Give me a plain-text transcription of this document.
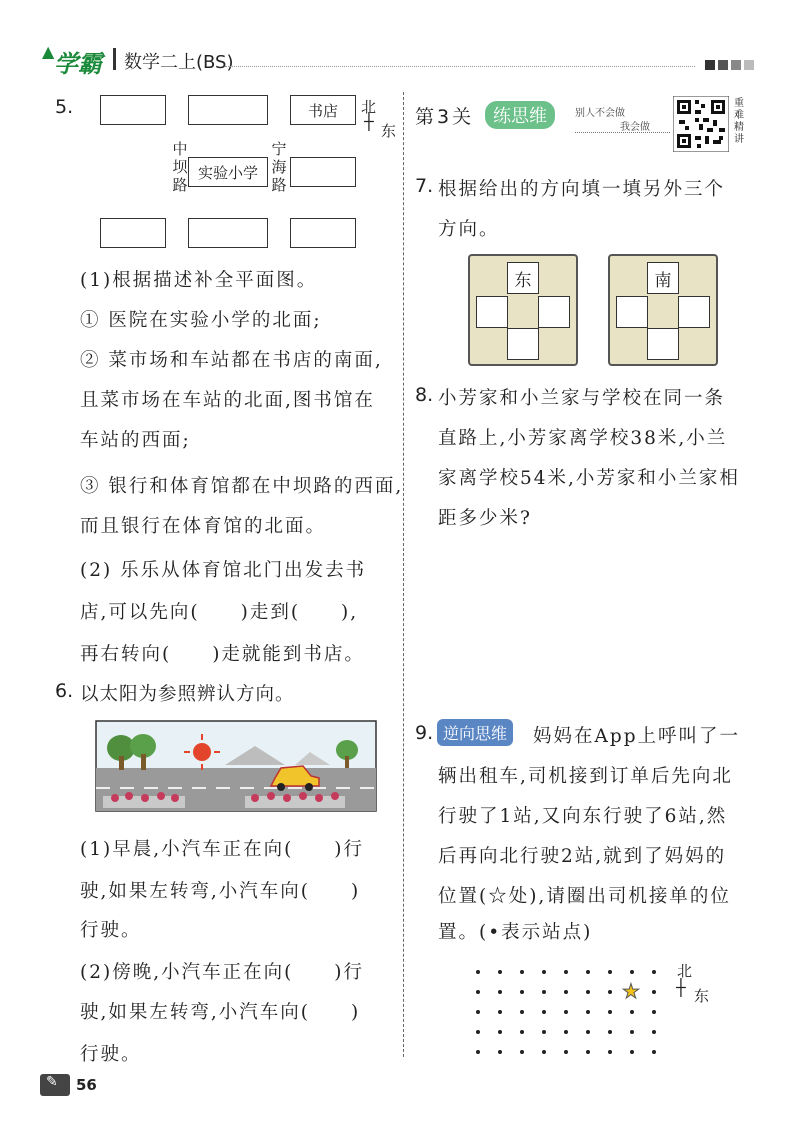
▲ 学霸 数学二上(BS)
5.	书店 北
┼ 东
中坝路
实验小学
宁海路
(1)根据描述补全平面图。
① 医院在实验小学的北面;
② 菜市场和车站都在书店的南面,
且菜市场在车站的北面,图书馆在
车站的西面;
③ 银行和体育馆都在中坝路的西面,
而且银行在体育馆的北面。
(2) 乐乐从体育馆北门出发去书
店,可以先向(　　)走到(　　),
再右转向(　　)走就能到书店。
6. 以太阳为参照辨认方向。
(1)早晨,小汽车正在向(　　)行
驶,如果左转弯,小汽车向(　　)
行驶。
(2)傍晚,小汽车正在向(　　)行
驶,如果左转弯,小汽车向(　　)
行驶。
第3关	练思维	别人不会做
我会做
重难精讲
7. 根据给出的方向填一填另外三个
方向。
东	南
8. 小芳家和小兰家与学校在同一条
直路上,小芳家离学校38米,小兰
家离学校54米,小芳家和小兰家相
距多少米?
9. 逆向思维	妈妈在App上呼叫了一
辆出租车,司机接到订单后先向北
行驶了1站,又向东行驶了6站,然
后再向北行驶2站,就到了妈妈的
位置(☆处),请圈出司机接单的位
置。(•表示站点)
★
北
┼ 东
✎ 56
